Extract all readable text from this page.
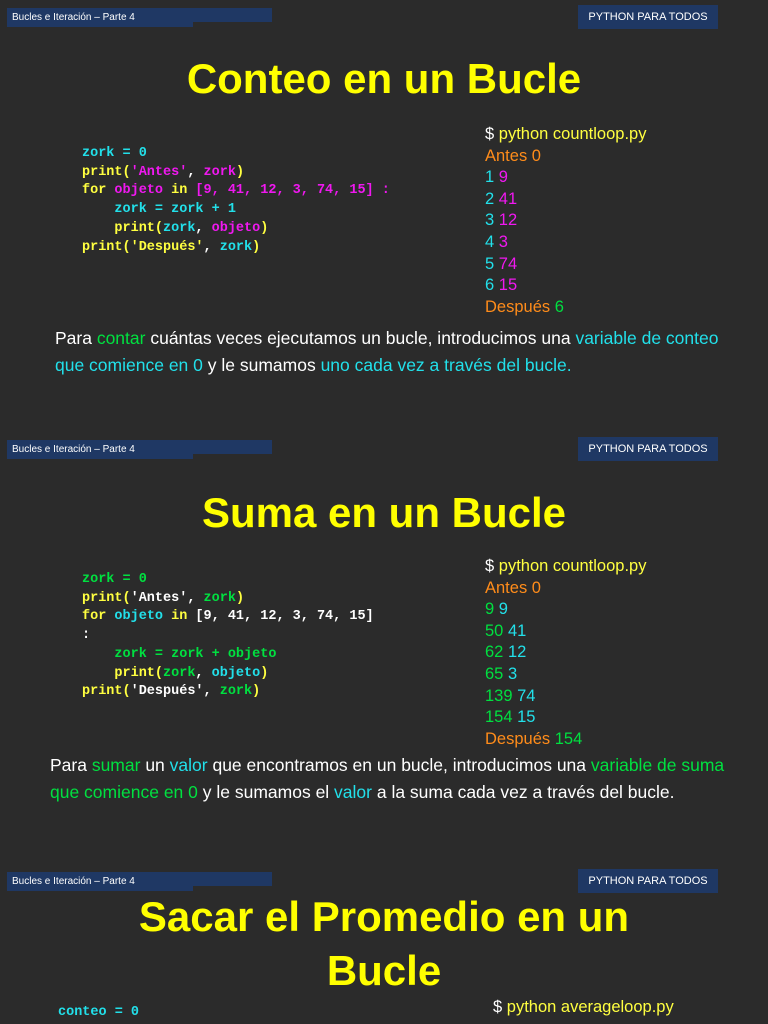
Bucles e Iteración – Parte 4	PYTHON PARA TODOS
Conteo en un Bucle
zork = 0
print('Antes', zork)
for objeto in [9, 41, 12, 3, 74, 15] :
zork = zork + 1
print(zork, objeto)
print('Después', zork)
$ python countloop.py
Antes 0
1 9
2 41
3 12
4 3
5 74
6 15
Después 6
Para contar cuántas veces ejecutamos un bucle, introducimos una variable de conteo que comience en 0 y le sumamos uno cada vez a través del bucle.
Bucles e Iteración – Parte 4	PYTHON PARA TODOS
Suma en un Bucle
zork = 0
print('Antes', zork)
for objeto in [9, 41, 12, 3, 74, 15]
:
zork = zork + objeto
print(zork, objeto)
print('Después', zork)
$ python countloop.py
Antes 0
9 9
50 41
62 12
65 3
139 74
154 15
Después 154
Para sumar un valor que encontramos en un bucle, introducimos una variable de suma que comience en 0 y le sumamos el valor a la suma cada vez a través del bucle.
Bucles e Iteración – Parte 4	PYTHON PARA TODOS
Sacar el Promedio en un
Bucle
conteo = 0	$ python averageloop.py
